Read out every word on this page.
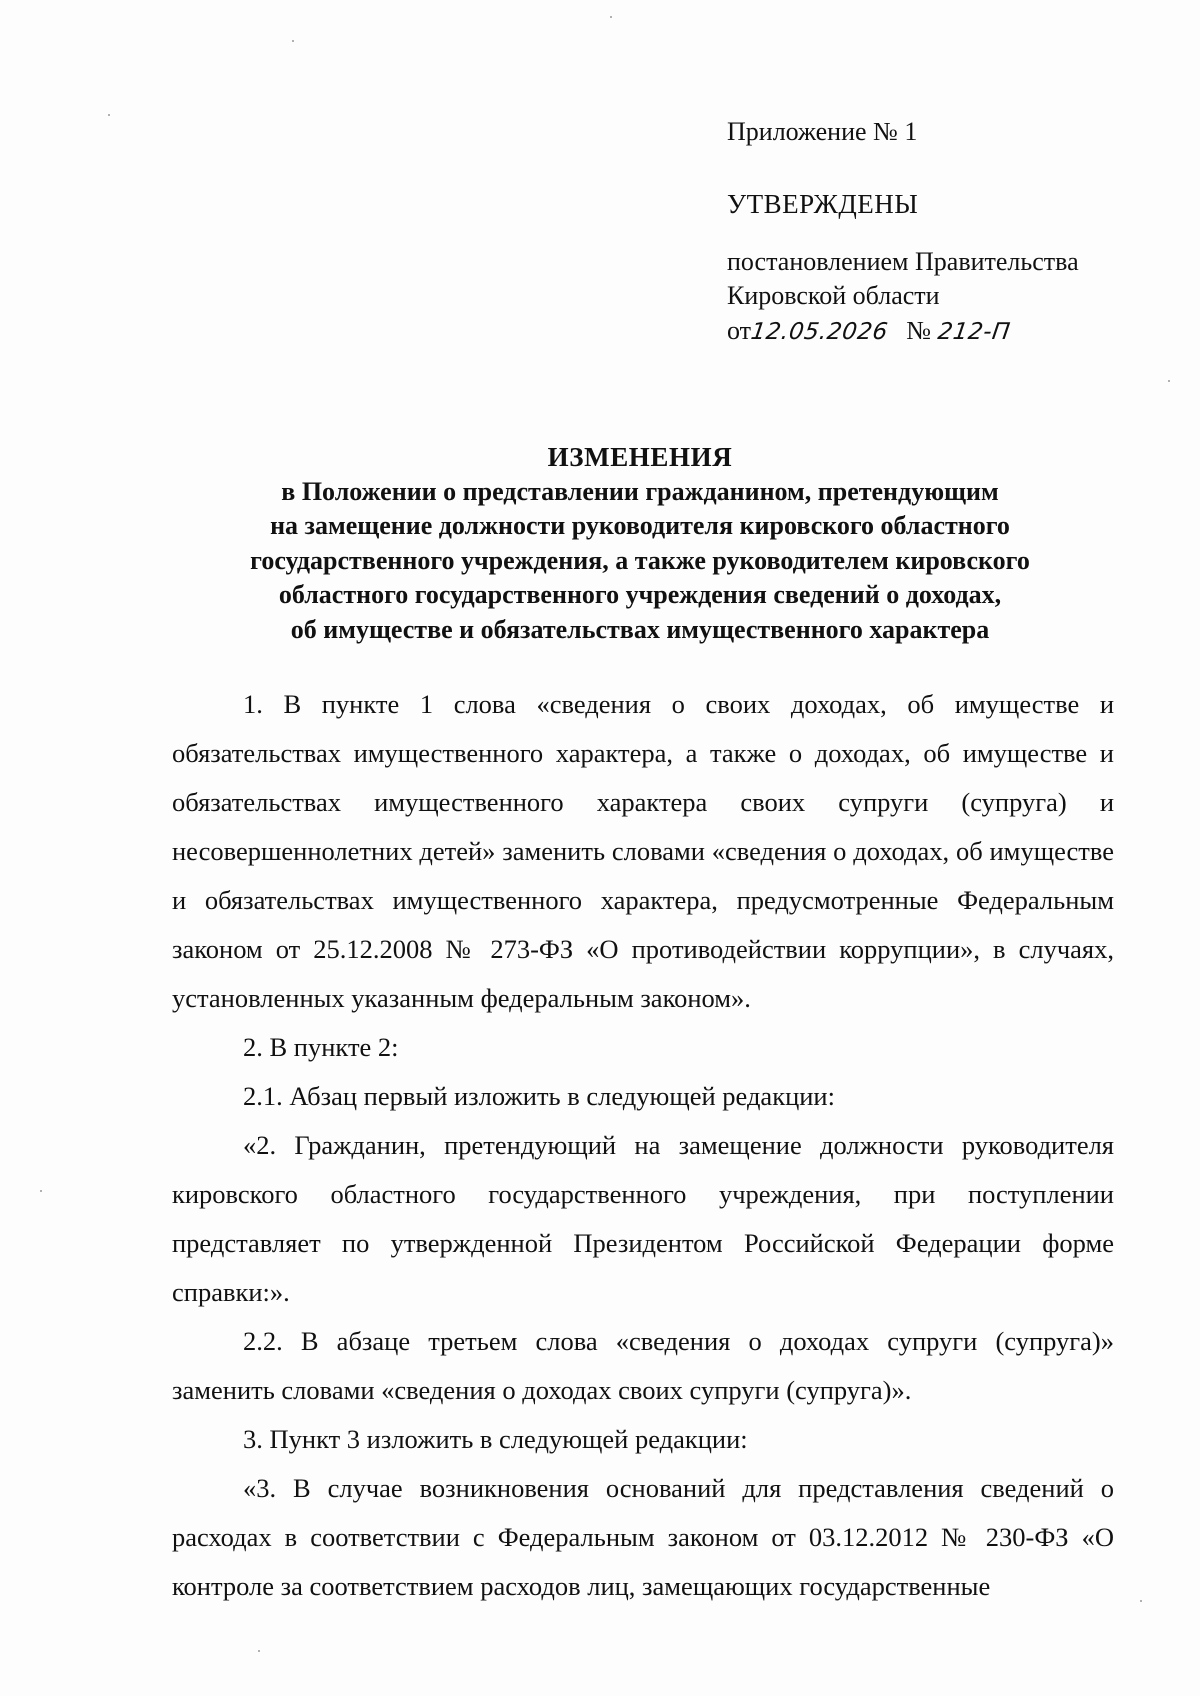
Приложение № 1
УТВЕРЖДЕНЫ
постановлением Правительства
Кировской области
от12.05.2026 № 212-П
ИЗМЕНЕНИЯ
в Положении о представлении гражданином, претендующим
на замещение должности руководителя кировского областного
государственного учреждения, а также руководителем кировского
областного государственного учреждения сведений о доходах,
об имуществе и обязательствах имущественного характера

1. В пункте 1 слова «сведения о своих доходах, об имуществе и обязательствах имущественного характера, а также о доходах, об имуществе и обязательствах имущественного характера своих супруги (супруга) и несовершеннолетних детей» заменить словами «сведения о доходах, об имуществе и обязательствах имущественного характера, предусмотренные Федеральным законом от 25.12.2008 № 273-ФЗ «О противодействии коррупции», в случаях, установленных указанным федеральным законом».

2. В пункте 2:

2.1. Абзац первый изложить в следующей редакции:

«2. Гражданин, претендующий на замещение должности руководителя кировского областного государственного учреждения, при поступлении представляет по утвержденной Президентом Российской Федерации форме справки:».

2.2. В абзаце третьем слова «сведения о доходах супруги (супруга)» заменить словами «сведения о доходах своих супруги (супруга)».

3. Пункт 3 изложить в следующей редакции:

«3. В случае возникновения оснований для представления сведений о расходах в соответствии с Федеральным законом от 03.12.2012 № 230-ФЗ «О контроле за соответствием расходов лиц, замещающих государственные
